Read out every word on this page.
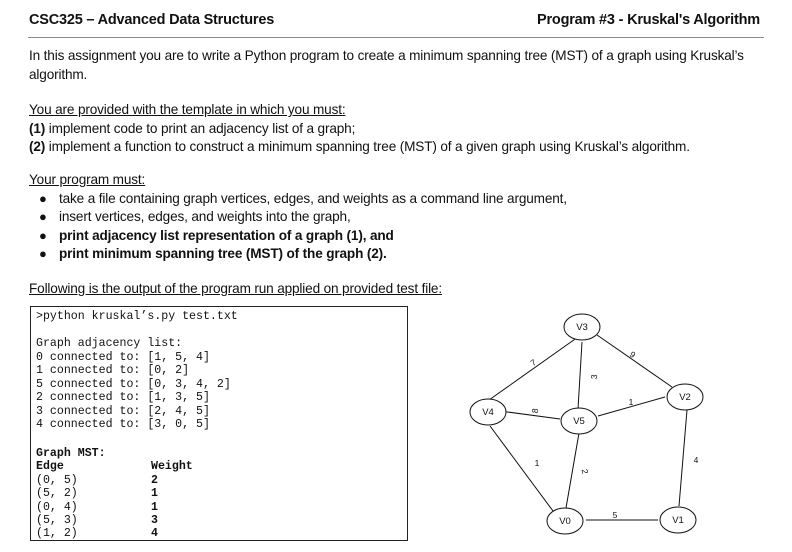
CSC325 – Advanced Data Structures	Program #3 - Kruskal's Algorithm
In this assignment you are to write a Python program to create a minimum spanning tree (MST) of a graph using Kruskal’s
algorithm.
You are provided with the template in which you must:
(1) implement code to print an adjacency list of a graph;
(2) implement a function to construct a minimum spanning tree (MST) of a given graph using Kruskal’s algorithm.
Your program must:
● take a file containing graph vertices, edges, and weights as a command line argument,
● insert vertices, edges, and weights into the graph,
● print adjacency list representation of a graph (1), and
● print minimum spanning tree (MST) of the graph (2).
Following is the output of the program run applied on provided test file:
>python kruskal’s.py test.txt
Graph adjacency list:
0 connected to: [1, 5, 4]
1 connected to: [0, 2]
5 connected to: [0, 3, 4, 2]
2 connected to: [1, 3, 5]
3 connected to: [2, 4, 5]
4 connected to: [3, 0, 5]
Graph MST:
Edge	Weight
(0, 5)	2
(5, 2)	1
(0, 4)	1
(5, 3)	3
(1, 2)	4
V3
V4
V5
V2
V0	V1
7
9
3
8
1
1
2
5
4
